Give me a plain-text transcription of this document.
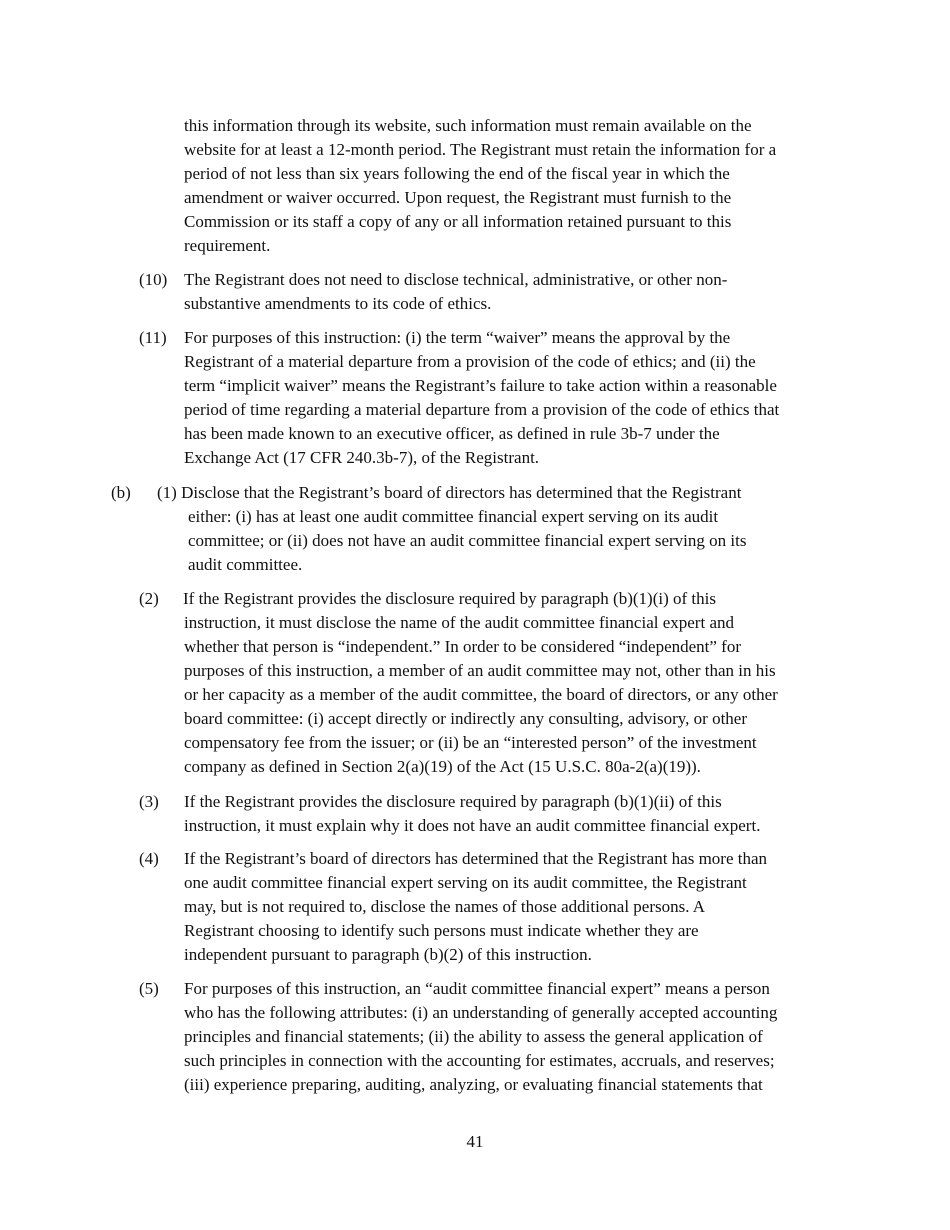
this information through its website, such information must remain available on the
website for at least a 12-month period. The Registrant must retain the information for a
period of not less than six years following the end of the fiscal year in which the
amendment or waiver occurred. Upon request, the Registrant must furnish to the
Commission or its staff a copy of any or all information retained pursuant to this
requirement.
(10) The Registrant does not need to disclose technical, administrative, or other non-
substantive amendments to its code of ethics.
(11) For purposes of this instruction: (i) the term “waiver” means the approval by the
Registrant of a material departure from a provision of the code of ethics; and (ii) the
term “implicit waiver” means the Registrant’s failure to take action within a reasonable
period of time regarding a material departure from a provision of the code of ethics that
has been made known to an executive officer, as defined in rule 3b-7 under the
Exchange Act (17 CFR 240.3b-7), of the Registrant.
(b) (1) Disclose that the Registrant’s board of directors has determined that the Registrant
either: (i) has at least one audit committee financial expert serving on its audit
committee; or (ii) does not have an audit committee financial expert serving on its
audit committee.
(2) If the Registrant provides the disclosure required by paragraph (b)(1)(i) of this
instruction, it must disclose the name of the audit committee financial expert and
whether that person is “independent.” In order to be considered “independent” for
purposes of this instruction, a member of an audit committee may not, other than in his
or her capacity as a member of the audit committee, the board of directors, or any other
board committee: (i) accept directly or indirectly any consulting, advisory, or other
compensatory fee from the issuer; or (ii) be an “interested person” of the investment
company as defined in Section 2(a)(19) of the Act (15 U.S.C. 80a-2(a)(19)).
(3) If the Registrant provides the disclosure required by paragraph (b)(1)(ii) of this
instruction, it must explain why it does not have an audit committee financial expert.
(4) If the Registrant’s board of directors has determined that the Registrant has more than
one audit committee financial expert serving on its audit committee, the Registrant
may, but is not required to, disclose the names of those additional persons. A
Registrant choosing to identify such persons must indicate whether they are
independent pursuant to paragraph (b)(2) of this instruction.
(5) For purposes of this instruction, an “audit committee financial expert” means a person
who has the following attributes: (i) an understanding of generally accepted accounting
principles and financial statements; (ii) the ability to assess the general application of
such principles in connection with the accounting for estimates, accruals, and reserves;
(iii) experience preparing, auditing, analyzing, or evaluating financial statements that
41
